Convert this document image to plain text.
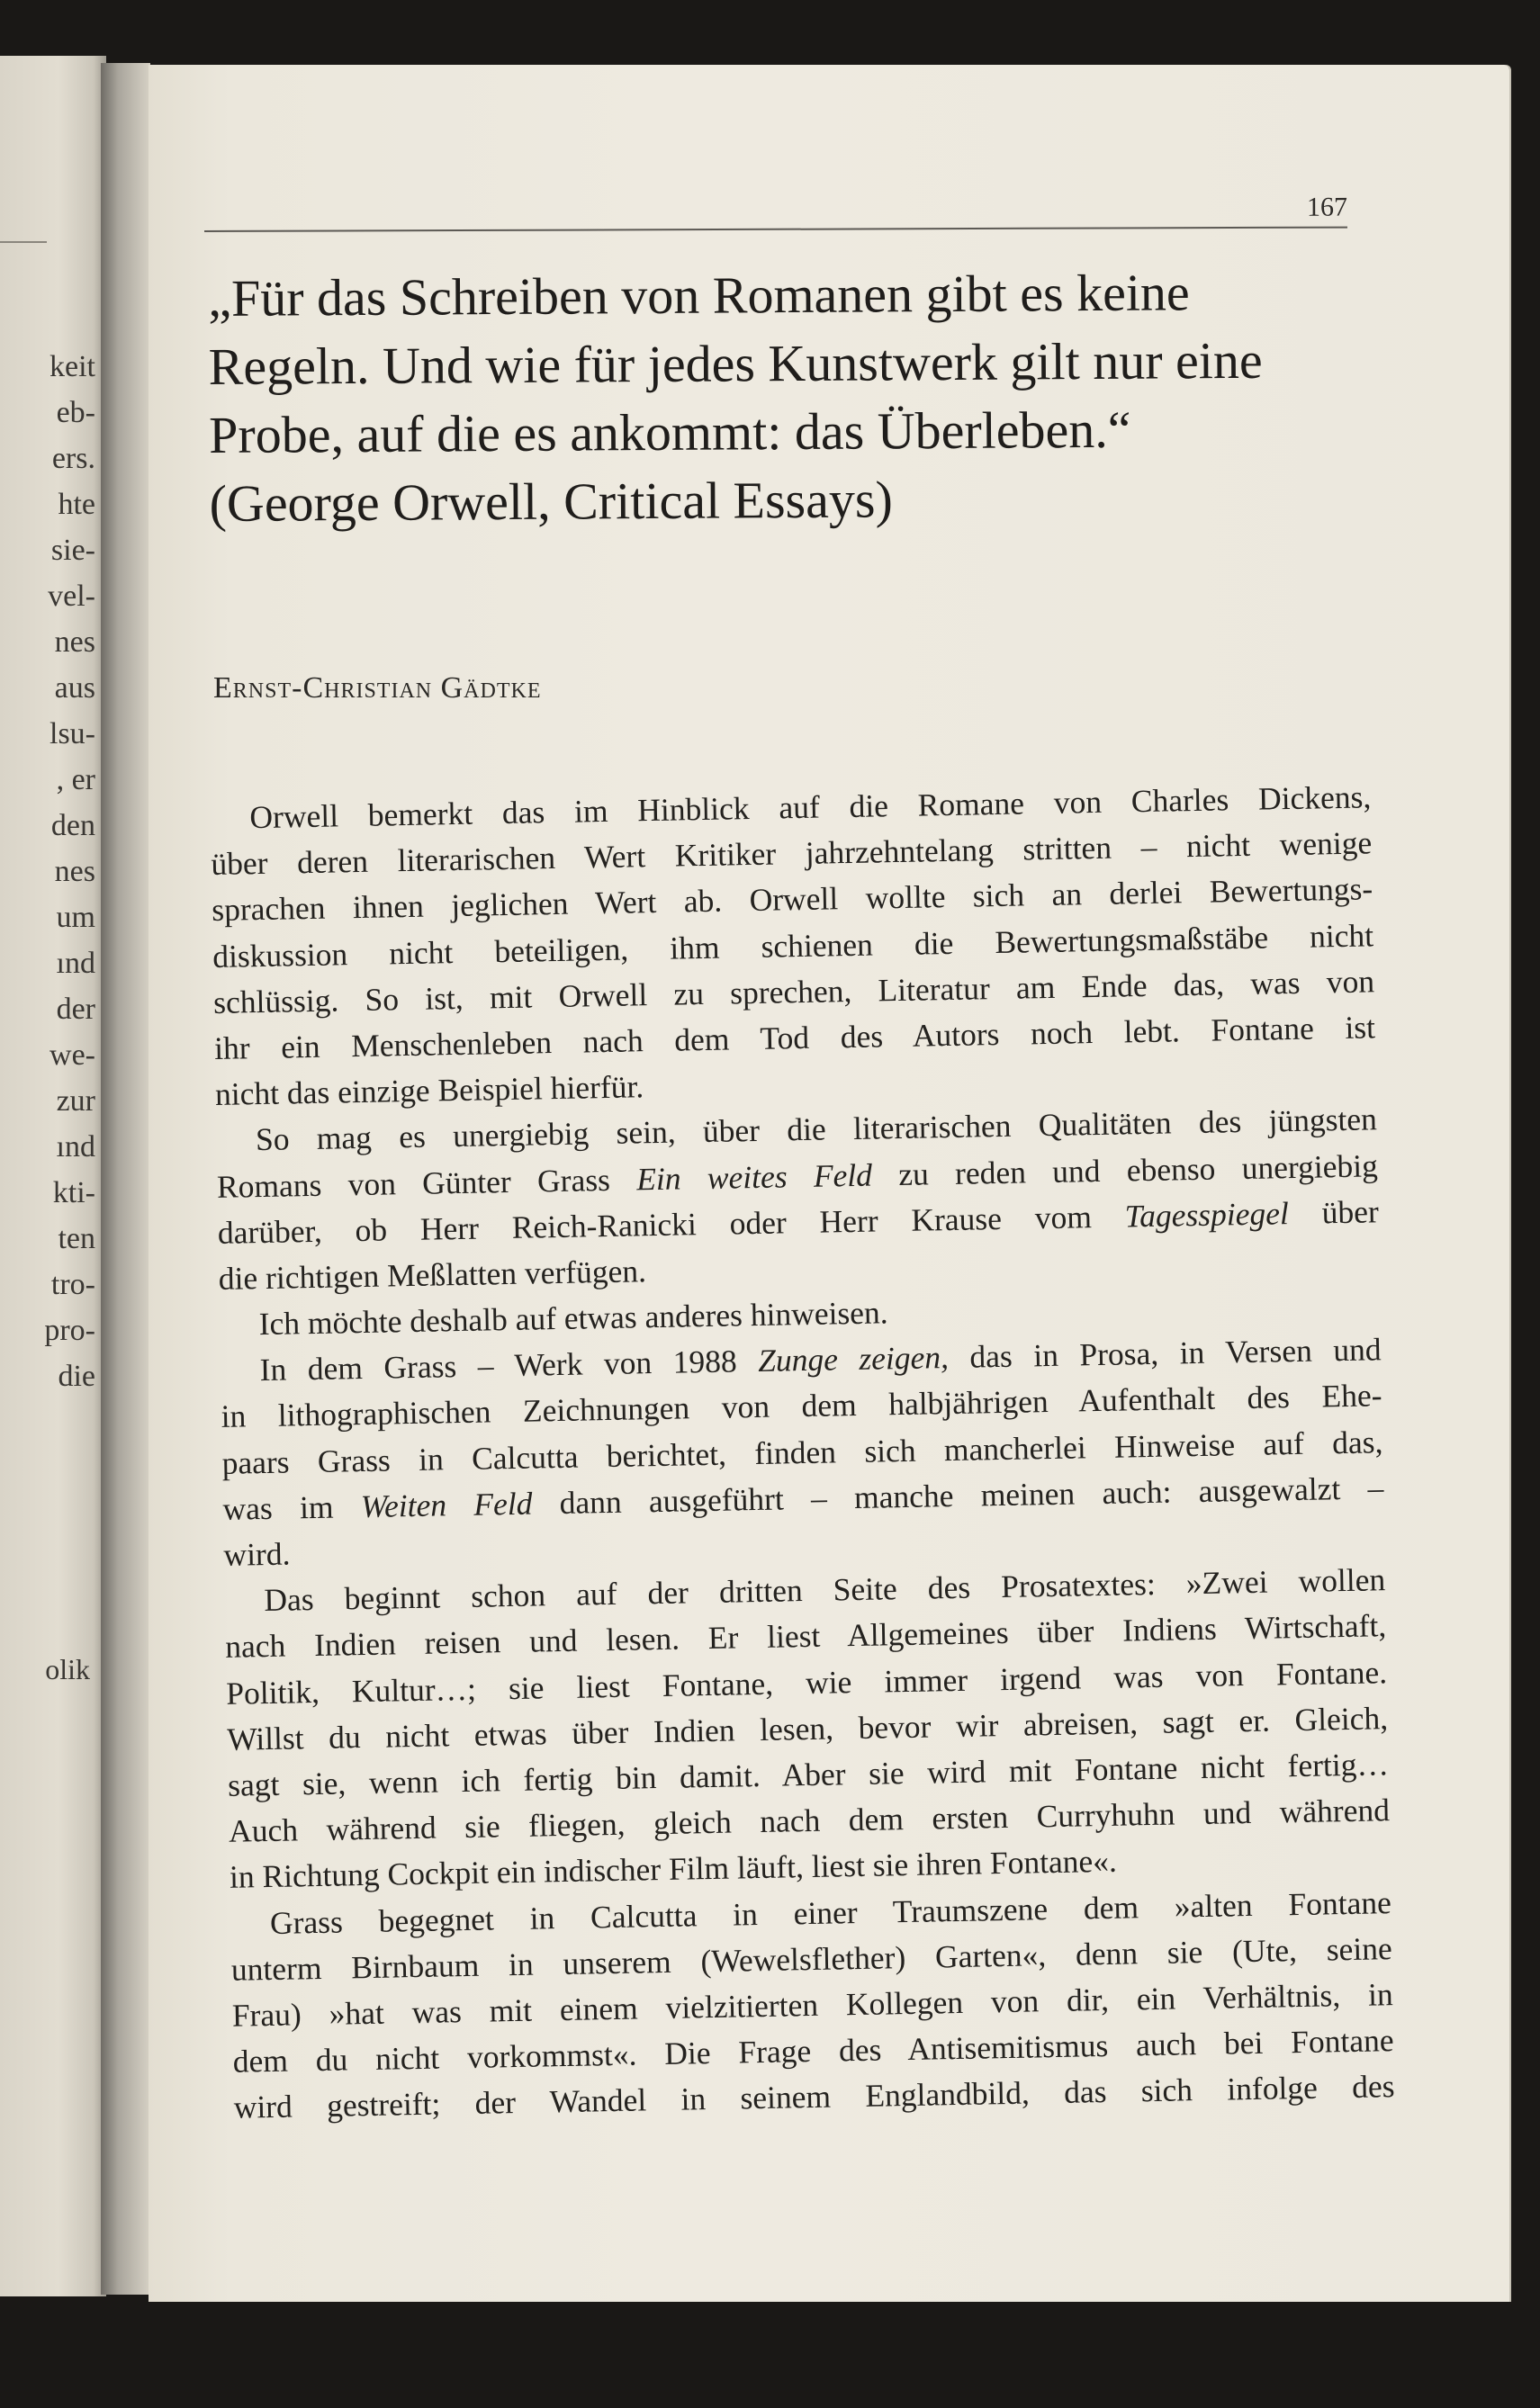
keit
eb-
ers.
hte
sie-
vel-
nes
aus
lsu-
, er
den
nes
um
ınd
der
we-
zur
ınd
kti-
ten
tro-
pro-
die
olik
167
„Für das Schreiben von Romanen gibt es keine
Regeln. Und wie für jedes Kunstwerk gilt nur eine
Probe, auf die es ankommt: das Überleben.“
(George Orwell, Critical Essays)

Ernst-Christian Gädtke

Orwell bemerkt das im Hinblick auf die Romane von Charles Dickens,
über deren literarischen Wert Kritiker jahrzehntelang stritten – nicht wenige
sprachen ihnen jeglichen Wert ab. Orwell wollte sich an derlei Bewertungs-
diskussion nicht beteiligen, ihm schienen die Bewertungsmaßstäbe nicht
schlüssig. So ist, mit Orwell zu sprechen, Literatur am Ende das, was von
ihr ein Menschenleben nach dem Tod des Autors noch lebt. Fontane ist
nicht das einzige Beispiel hierfür.

So mag es unergiebig sein, über die literarischen Qualitäten des jüngsten
Romans von Günter Grass Ein weites Feld zu reden und ebenso unergiebig
darüber, ob Herr Reich-Ranicki oder Herr Krause vom Tagesspiegel über
die richtigen Meßlatten verfügen.

Ich möchte deshalb auf etwas anderes hinweisen.

In dem Grass – Werk von 1988 Zunge zeigen, das in Prosa, in Versen und
in lithographischen Zeichnungen von dem halbjährigen Aufenthalt des Ehe-
paars Grass in Calcutta berichtet, finden sich mancherlei Hinweise auf das,
was im Weiten Feld dann ausgeführt – manche meinen auch: ausgewalzt –
wird.

Das beginnt schon auf der dritten Seite des Prosatextes: »Zwei wollen
nach Indien reisen und lesen. Er liest Allgemeines über Indiens Wirtschaft,
Politik, Kultur…; sie liest Fontane, wie immer irgend was von Fontane.
Willst du nicht etwas über Indien lesen, bevor wir abreisen, sagt er. Gleich,
sagt sie, wenn ich fertig bin damit. Aber sie wird mit Fontane nicht fertig…
Auch während sie fliegen, gleich nach dem ersten Curryhuhn und während
in Richtung Cockpit ein indischer Film läuft, liest sie ihren Fontane«.

Grass begegnet in Calcutta in einer Traumszene dem »alten Fontane
unterm Birnbaum in unserem (Wewelsflether) Garten«, denn sie (Ute, seine
Frau) »hat was mit einem vielzitierten Kollegen von dir, ein Verhältnis, in
dem du nicht vorkommst«. Die Frage des Antisemitismus auch bei Fontane
wird gestreift; der Wandel in seinem Englandbild, das sich infolge des
